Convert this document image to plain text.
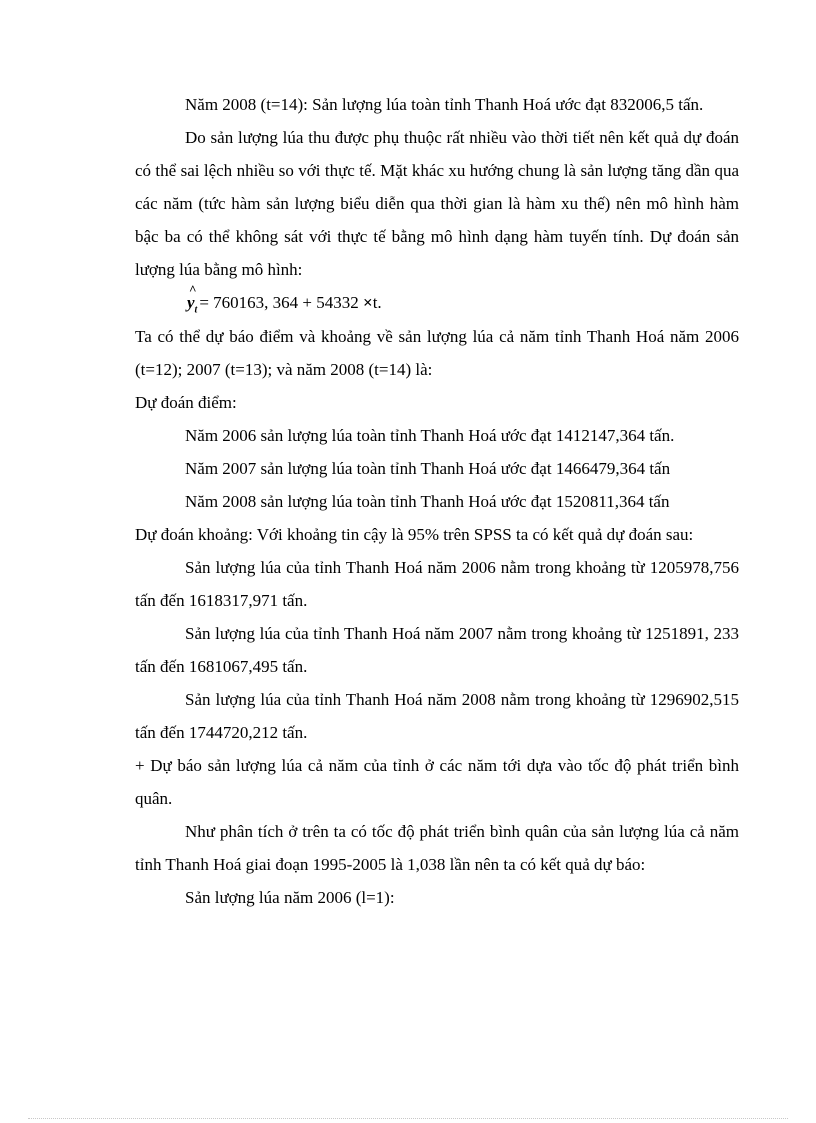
Năm 2008 (t=14): Sản lượng lúa toàn tỉnh Thanh Hoá ước đạt 832006,5 tấn.

Do sản lượng lúa thu được phụ thuộc rất nhiều vào thời tiết nên kết quả dự đoán có thể sai lệch nhiều so với thực tế. Mặt khác xu hướng chung là sản lượng tăng dần qua các năm (tức hàm sản lượng biểu diễn qua thời gian là hàm xu thế) nên mô hình hàm bậc ba có thể không sát với thực tế bằng mô hình dạng hàm tuyến tính. Dự đoán sản lượng lúa bằng mô hình:

^
$y_t = 760163$, 364 + 54332 ×t.

Ta có thể dự báo điểm và khoảng về sản lượng lúa cả năm tỉnh Thanh Hoá năm 2006 (t=12); 2007 (t=13); và năm 2008 (t=14) là:

Dự đoán điểm:

Năm 2006 sản lượng lúa toàn tỉnh Thanh Hoá ước đạt 1412147,364 tấn.

Năm 2007 sản lượng lúa toàn tỉnh Thanh Hoá ước đạt 1466479,364 tấn

Năm 2008 sản lượng lúa toàn tỉnh Thanh Hoá ước đạt 1520811,364 tấn

Dự đoán khoảng: Với khoảng tin cậy là 95% trên SPSS ta có kết quả dự đoán sau:

Sản lượng lúa của tỉnh Thanh Hoá năm 2006 nằm trong khoảng từ 1205978,756 tấn đến 1618317,971 tấn.

Sản lượng lúa của tỉnh Thanh Hoá năm 2007 nằm trong khoảng từ 1251891, 233 tấn đến 1681067,495 tấn.

Sản lượng lúa của tỉnh Thanh Hoá năm 2008 nằm trong khoảng từ 1296902,515 tấn đến 1744720,212 tấn.

+ Dự báo sản lượng lúa cả năm của tỉnh ở các năm tới dựa vào tốc độ phát triển bình quân.

Như phân tích ở trên ta có tốc độ phát triển bình quân của sản lượng lúa cả năm tỉnh Thanh Hoá giai đoạn 1995-2005 là 1,038 lần nên ta có kết quả dự báo:

Sản lượng lúa năm 2006 (l=1):
